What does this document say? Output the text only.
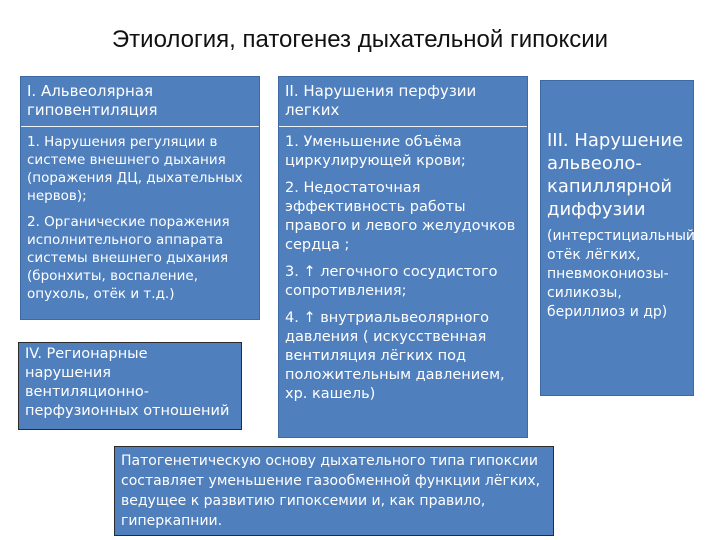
Этиология, патогенез дыхательной гипоксии
I. Альвеолярная гиповентиляция

1. Нарушения регуляции в системе внешнего дыхания (поражения ДЦ, дыхательных нервов);

2. Органические поражения исполнительного аппарата системы внешнего дыхания (бронхиты, воспаление, опухоль, отёк и т.д.)

II. Нарушения перфузии легких

1. Уменьшение объёма циркулирующей крови;

2. Недостаточная эффективность работы правого и левого желудочков сердца ;

3. ↑ легочного сосудистого сопротивления;

4. ↑ внутриальвеолярного давления ( искусственная вентиляция лёгких под положительным давлением, хр. кашель)

III. Нарушение альвеоло-капиллярной диффузии
(интерстициальный отёк лёгких, пневмокониозы-силикозы, бериллиоз и др)
IV. Регионарные нарушения вентиляционно-перфузионных отношений
Патогенетическую основу дыхательного типа гипоксии составляет уменьшение газообменной функции лёгких, ведущее к развитию гипоксемии и, как правило, гиперкапнии.
